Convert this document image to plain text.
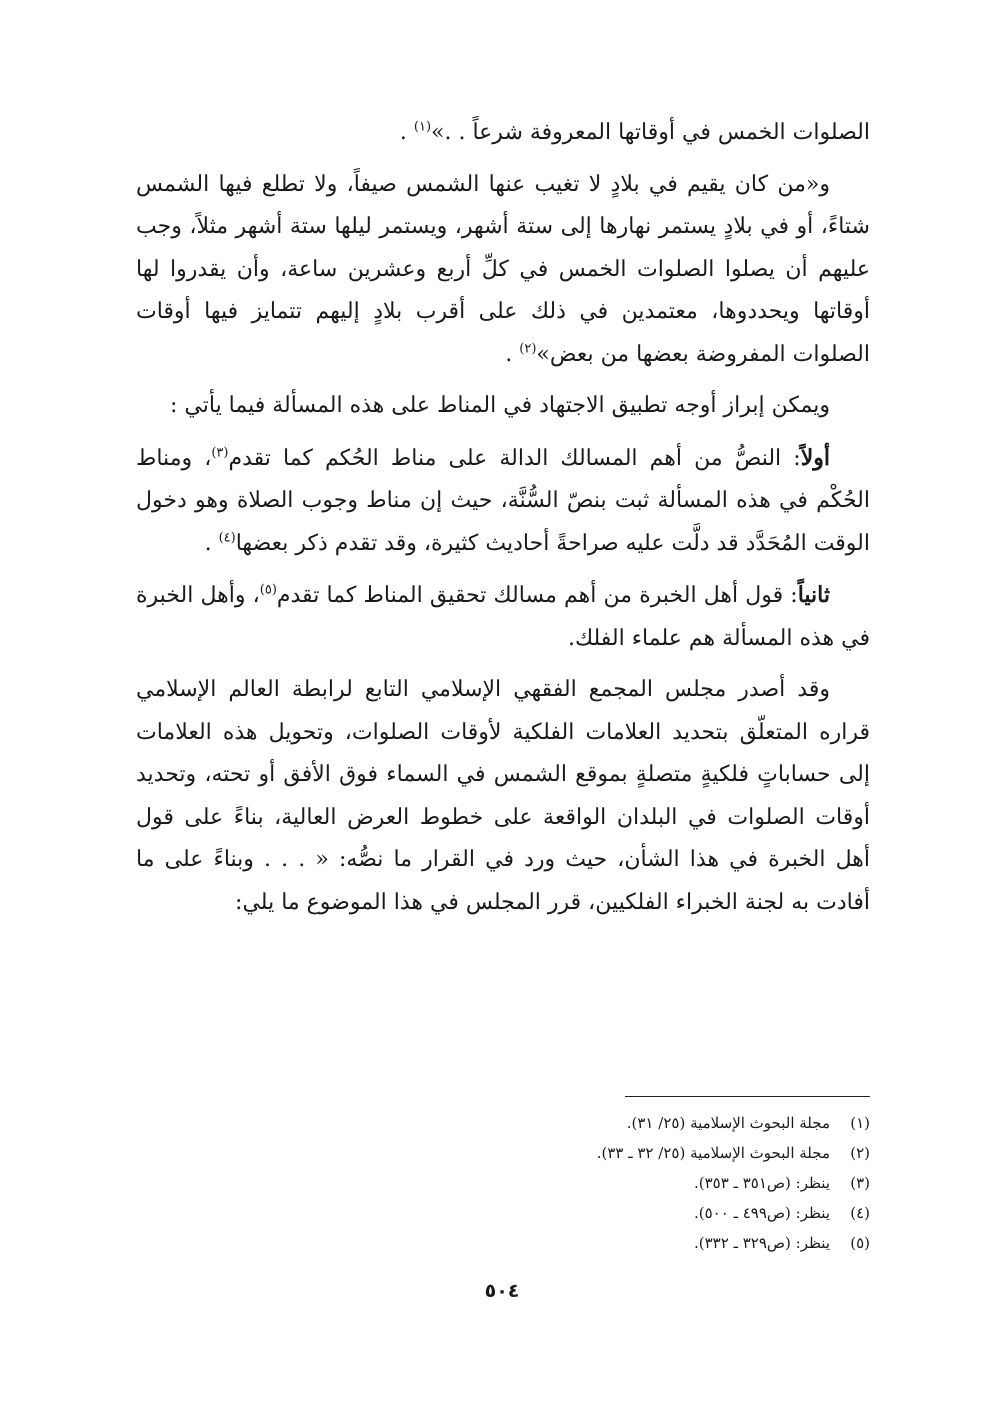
الصلوات الخمس في أوقاتها المعروفة شرعاً . .»$^{(١)}$ .

و«من كان يقيم في بلادٍ لا تغيب عنها الشمس صيفاً، ولا تطلع فيها الشمس شتاءً، أو في بلادٍ يستمر نهارها إلى ستة أشهر، ويستمر ليلها ستة أشهر مثلاً، وجب عليهم أن يصلوا الصلوات الخمس في كلِّ أربع وعشرين ساعة، وأن يقدروا لها أوقاتها ويحددوها، معتمدين في ذلك على أقرب بلادٍ إليهم تتمايز فيها أوقات الصلوات المفروضة بعضها من بعض»$^{(٢)}$ .

ويمكن إبراز أوجه تطبيق الاجتهاد في المناط على هذه المسألة فيما يأتي :

أولاً: النصُّ من أهم المسالك الدالة على مناط الحُكم كما تقدم$^{(٣)}$، ومناط الحُكْم في هذه المسألة ثبت بنصّ السُّنَّة، حيث إن مناط وجوب الصلاة وهو دخول الوقت المُحَدَّد قد دلَّت عليه صراحةً أحاديث كثيرة، وقد تقدم ذكر بعضها$^{(٤)}$ .

ثانياً: قول أهل الخبرة من أهم مسالك تحقيق المناط كما تقدم$^{(٥)}$، وأهل الخبرة في هذه المسألة هم علماء الفلك.

وقد أصدر مجلس المجمع الفقهي الإسلامي التابع لرابطة العالم الإسلامي قراره المتعلّق بتحديد العلامات الفلكية لأوقات الصلوات، وتحويل هذه العلامات إلى حساباتٍ فلكيةٍ متصلةٍ بموقع الشمس في السماء فوق الأفق أو تحته، وتحديد أوقات الصلوات في البلدان الواقعة على خطوط العرض العالية، بناءً على قول أهل الخبرة في هذا الشأن، حيث ورد في القرار ما نصُّه: « . . . وبناءً على ما أفادت به لجنة الخبراء الفلكيين، قرر المجلس في هذا الموضوع ما يلي:

(١)
مجلة البحوث الإسلامية (٢٥/ ٣١).
(٢)
مجلة البحوث الإسلامية (٢٥/ ٣٢ ـ ٣٣).
(٣)
ينظر: (ص٣٥١ ـ ٣٥٣).
(٤)
ينظر: (ص٤٩٩ ـ ٥٠٠).
(٥)
ينظر: (ص٣٢٩ ـ ٣٣٢).
٥٠٤
